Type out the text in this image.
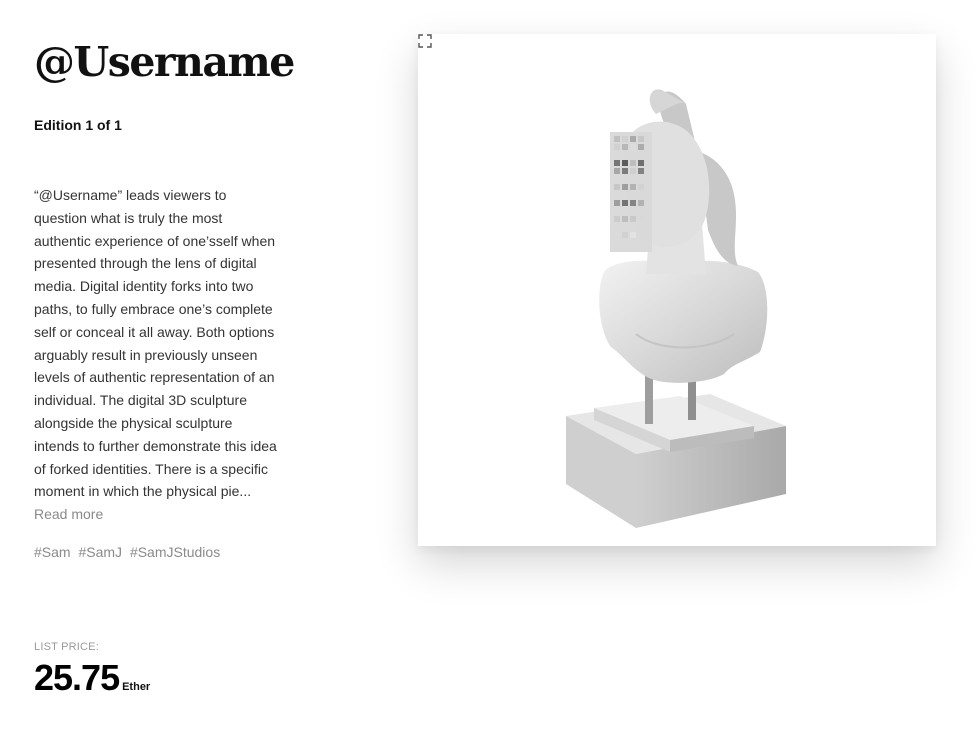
@Username
Edition 1 of 1

“@Username” leads viewers to question what is truly the most authentic experience of one’sself when presented through the lens of digital media. Digital identity forks into two paths, to fully embrace one’s complete self or conceal it all away. Both options arguably result in previously unseen levels of authentic representation of an individual. The digital 3D sculpture alongside the physical sculpture intends to further demonstrate this idea of forked identities. There is a specific moment in which the physical pie... Read more

#Sam #SamJ #SamJStudios
LIST PRICE:
25.75 Ether
